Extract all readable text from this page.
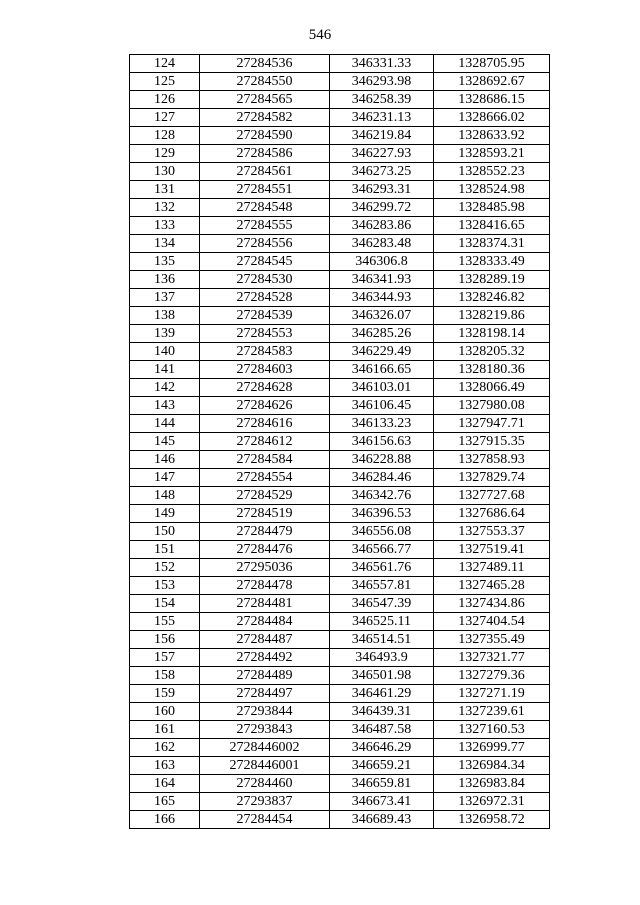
546
124	27284536	346331.33	1328705.95
125	27284550	346293.98	1328692.67
126	27284565	346258.39	1328686.15
127	27284582	346231.13	1328666.02
128	27284590	346219.84	1328633.92
129	27284586	346227.93	1328593.21
130	27284561	346273.25	1328552.23
131	27284551	346293.31	1328524.98
132	27284548	346299.72	1328485.98
133	27284555	346283.86	1328416.65
134	27284556	346283.48	1328374.31
135	27284545	346306.8	1328333.49
136	27284530	346341.93	1328289.19
137	27284528	346344.93	1328246.82
138	27284539	346326.07	1328219.86
139	27284553	346285.26	1328198.14
140	27284583	346229.49	1328205.32
141	27284603	346166.65	1328180.36
142	27284628	346103.01	1328066.49
143	27284626	346106.45	1327980.08
144	27284616	346133.23	1327947.71
145	27284612	346156.63	1327915.35
146	27284584	346228.88	1327858.93
147	27284554	346284.46	1327829.74
148	27284529	346342.76	1327727.68
149	27284519	346396.53	1327686.64
150	27284479	346556.08	1327553.37
151	27284476	346566.77	1327519.41
152	27295036	346561.76	1327489.11
153	27284478	346557.81	1327465.28
154	27284481	346547.39	1327434.86
155	27284484	346525.11	1327404.54
156	27284487	346514.51	1327355.49
157	27284492	346493.9	1327321.77
158	27284489	346501.98	1327279.36
159	27284497	346461.29	1327271.19
160	27293844	346439.31	1327239.61
161	27293843	346487.58	1327160.53
162	2728446002	346646.29	1326999.77
163	2728446001	346659.21	1326984.34
164	27284460	346659.81	1326983.84
165	27293837	346673.41	1326972.31
166	27284454	346689.43	1326958.72
